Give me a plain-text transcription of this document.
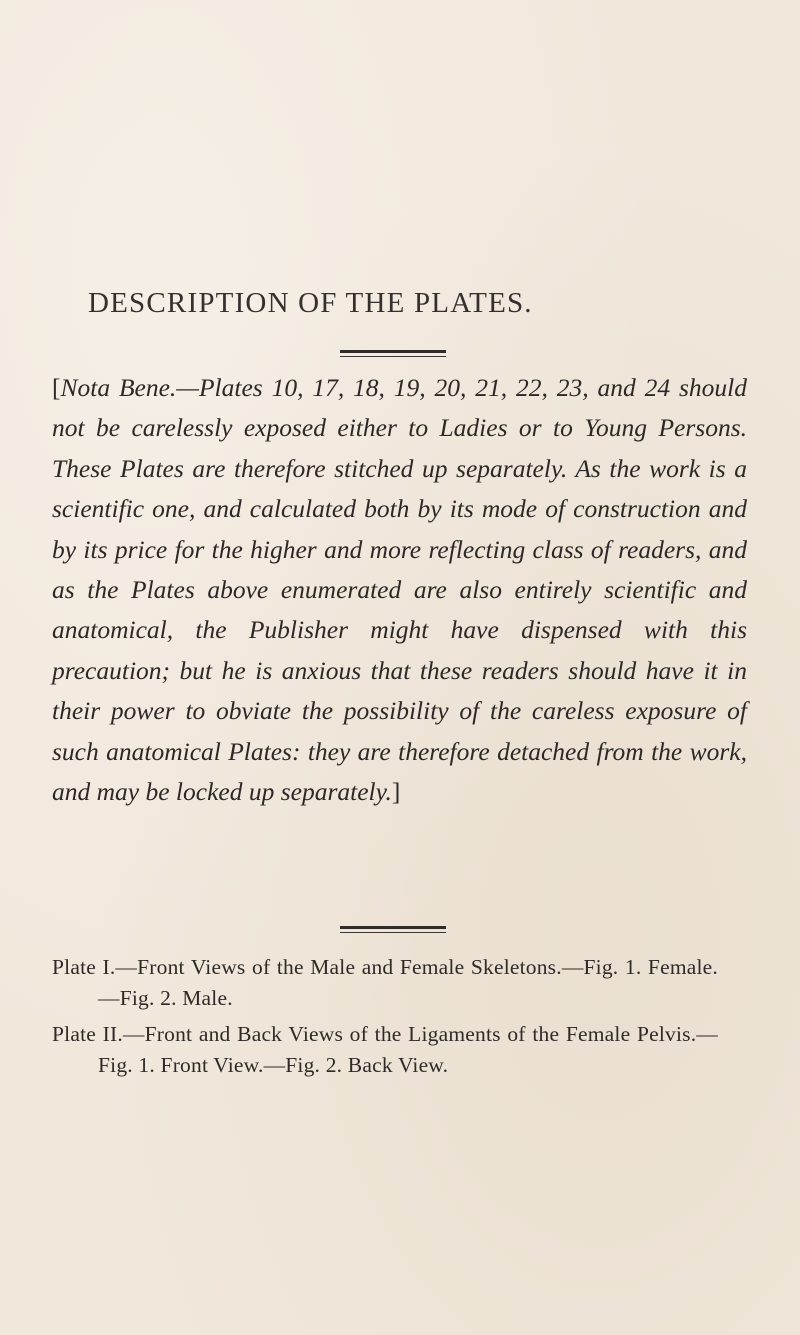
DESCRIPTION OF THE PLATES.
[Nota Bene.—Plates 10, 17, 18, 19, 20, 21, 22, 23, and 24 should not be carelessly exposed either to Ladies or to Young Persons. These Plates are therefore stitched up separately. As the work is a scientific one, and calculated both by its mode of construction and by its price for the higher and more reflecting class of readers, and as the Plates above enumerated are also entirely scientific and anatomical, the Publisher might have dispensed with this precaution; but he is anxious that these readers should have it in their power to obviate the possibility of the careless exposure of such anatomical Plates: they are therefore detached from the work, and may be locked up separately.]

Plate I.—Front Views of the Male and Female Skeletons.—Fig. 1. Female.—Fig. 2. Male.

Plate II.—Front and Back Views of the Ligaments of the Female Pelvis.—Fig. 1. Front View.—Fig. 2. Back View.
